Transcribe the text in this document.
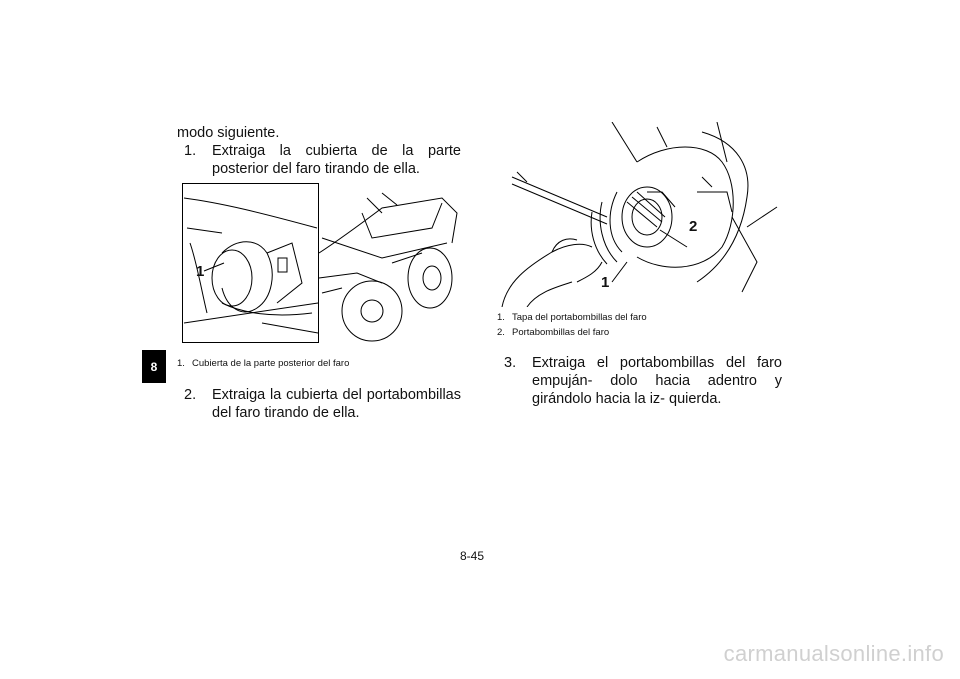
8
modo siguiente.
1.	Extraiga la cubierta de la parte posterior del faro tirando de ella.
1
1. Cubierta de la parte posterior del faro
2.	Extraiga la cubierta del portabombillas del faro tirando de ella.
2
1
1. Tapa del portabombillas del faro
2. Portabombillas del faro
3.	Extraiga el portabombillas del faro empuján- dolo hacia adentro y girándolo hacia la iz- quierda.
8-45
carmanualsonline.info
